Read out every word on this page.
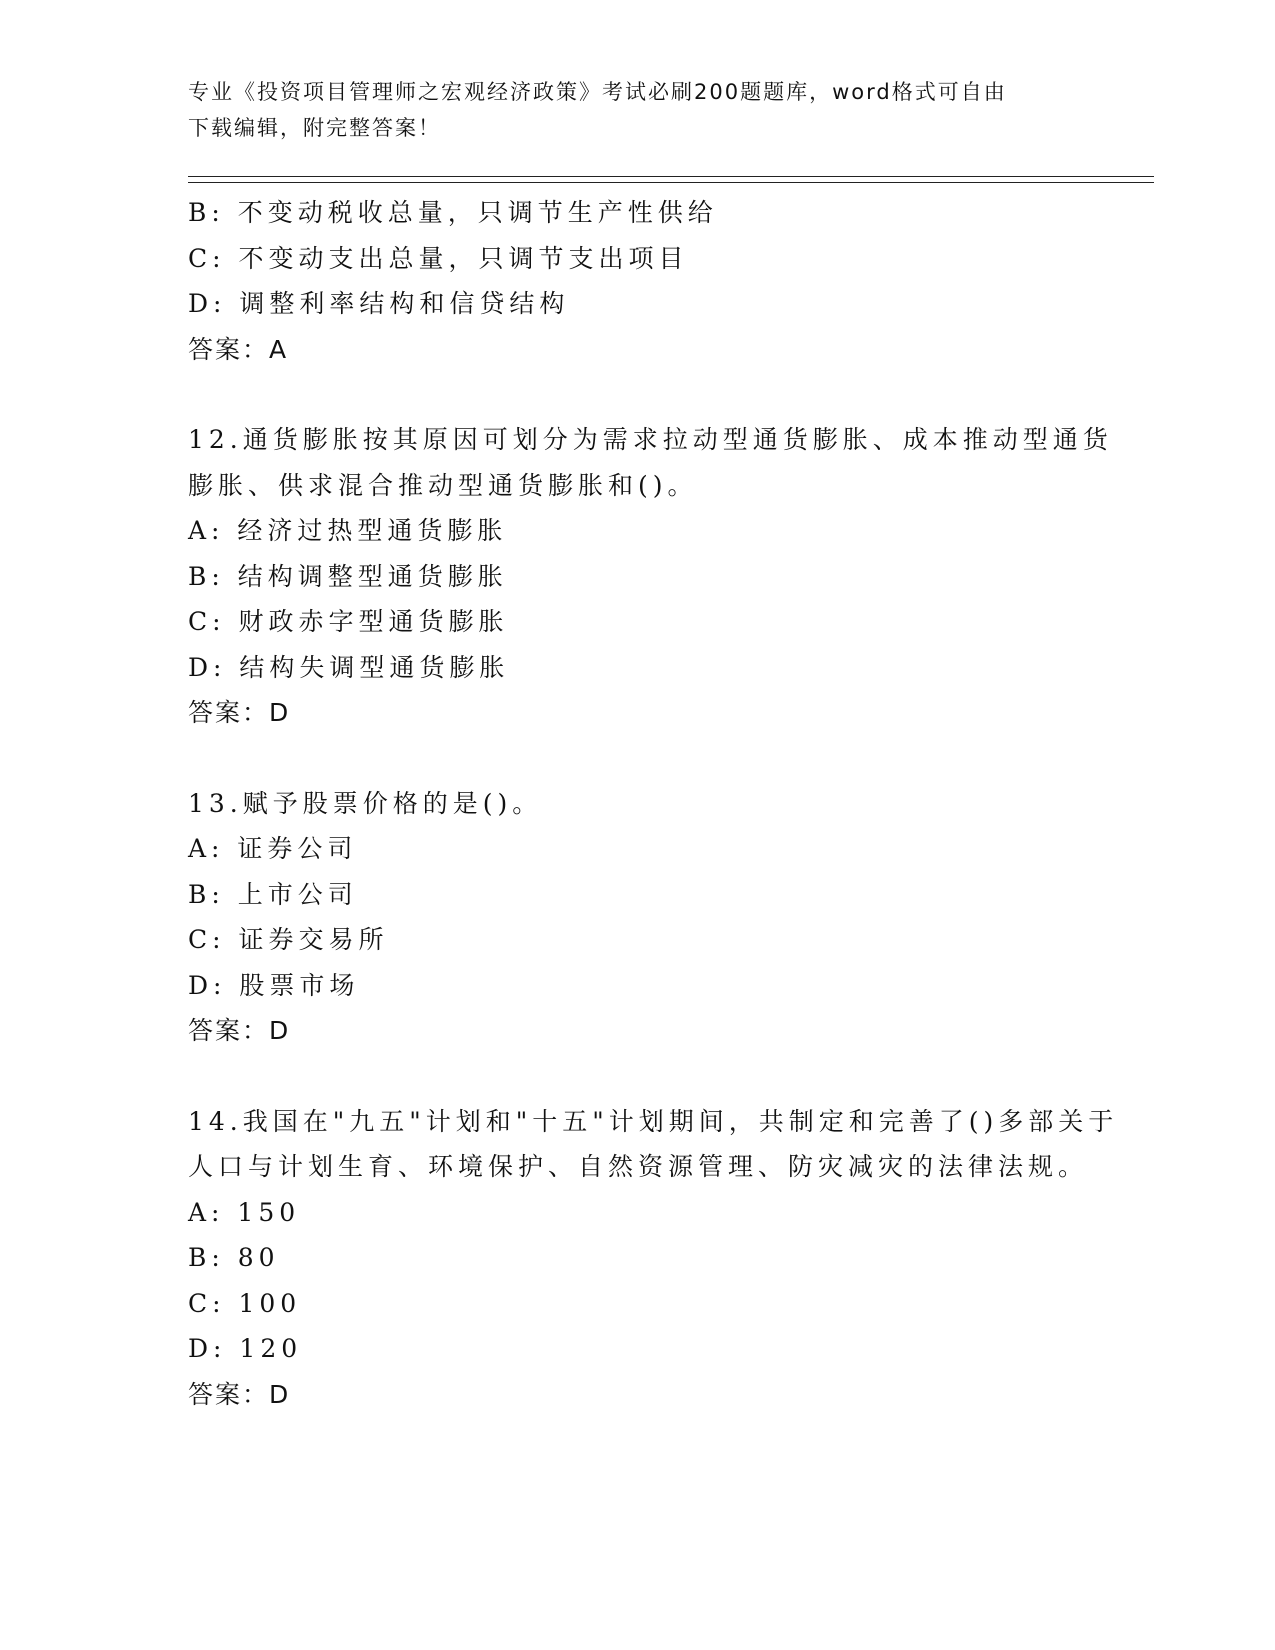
专业《投资项目管理师之宏观经济政策》考试必刷200题题库，word格式可自由
下载编辑，附完整答案！
B: 不变动税收总量，只调节生产性供给
C: 不变动支出总量，只调节支出项目
D: 调整利率结构和信贷结构
答案：A
12.通货膨胀按其原因可划分为需求拉动型通货膨胀、成本推动型通货
膨胀、供求混合推动型通货膨胀和()。
A: 经济过热型通货膨胀
B: 结构调整型通货膨胀
C: 财政赤字型通货膨胀
D: 结构失调型通货膨胀
答案：D
13.赋予股票价格的是()。
A: 证券公司
B: 上市公司
C: 证券交易所
D: 股票市场
答案：D
14.我国在"九五"计划和"十五"计划期间，共制定和完善了()多部关于
人口与计划生育、环境保护、自然资源管理、防灾减灾的法律法规。
A: 150
B: 80
C: 100
D: 120
答案：D
